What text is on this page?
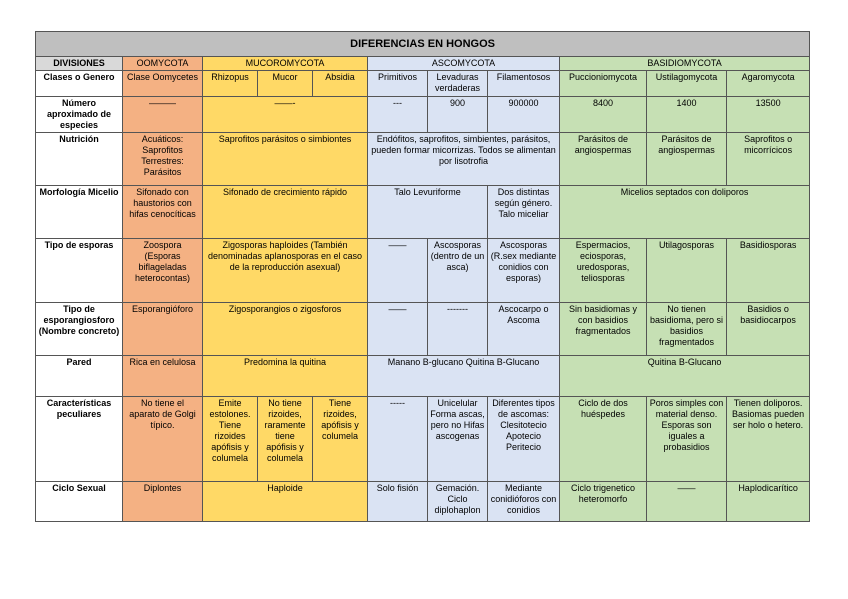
DIFERENCIAS EN HONGOS										
DIVISIONES	OOMYCOTA	MUCOROMYCOTA			ASCOMYCOTA			BASIDIOMYCOTA		
Clases o Genero	Clase Oomycetes	Rhizopus	Mucor	Absidia	Primitivos	Levaduras verdaderas	Filamentosos	Puccioniomycota	Ustilagomycota	Agaromycota
Número aproximado de especies	———	——-			---	900	900000	8400	1400	13500
Nutrición	Acuáticos: Saprofitos Terrestres: Parásitos	Saprofitos parásitos o simbiontes			Endófitos, saprofitos, simbientes, parásitos, pueden formar micorrizas. Todos se alimentan por lisotrofia			Parásitos de angiospermas	Parásitos de angiospermas	Saprofitos o micorrícicos
Morfología Micelio	Sifonado con haustorios con hifas cenocíticas	Sifonado de crecimiento rápido			Talo Levuriforme		Dos distintas según género. Talo miceliar	Micelios septados con doliporos		
Tipo de esporas	Zoospora (Esporas biflageladas heterocontas)	Zigosporas haploides (También denominadas aplanosporas en el caso de la reproducción asexual)			——	Ascosporas (dentro de un asca)	Ascosporas (R.sex mediante conidios con esporas)	Espermacios, eciosporas, uredosporas, teliosporas	Utilagosporas	Basidiosporas
Tipo de esporangiosforo (Nombre concreto)	Esporangióforo	Zigosporangios o zigosforos			——	-------	Ascocarpo o Ascoma	Sin basidiomas y con basidios fragmentados	No tienen basidioma, pero si basidios fragmentados	Basidios o basidiocarpos
Pared	Rica en celulosa	Predomina la quitina			Manano B-glucano Quitina B-Glucano			Quitina B-Glucano		
Características peculiares	No tiene el aparato de Golgi típico.	Emite estolones. Tiene rizoides apófisis y columela	No tiene rizoides, raramente tiene apófisis y columela	Tiene rizoides, apófisis y columela	-----	Unicelular Forma ascas, pero no Hifas ascogenas	Diferentes tipos de ascomas: Clesitotecio Apotecio Peritecio	Ciclo de dos huéspedes	Poros simples con material denso. Esporas son iguales a probasidios	Tienen doliporos. Basiomas pueden ser holo o hetero.
Ciclo Sexual	Diplontes	Haploide			Solo fisión	Gemación. Ciclo diplohaplon	Mediante conidióforos con conidios	Ciclo trigenetico heteromorfo	——	Haplodicarítico
